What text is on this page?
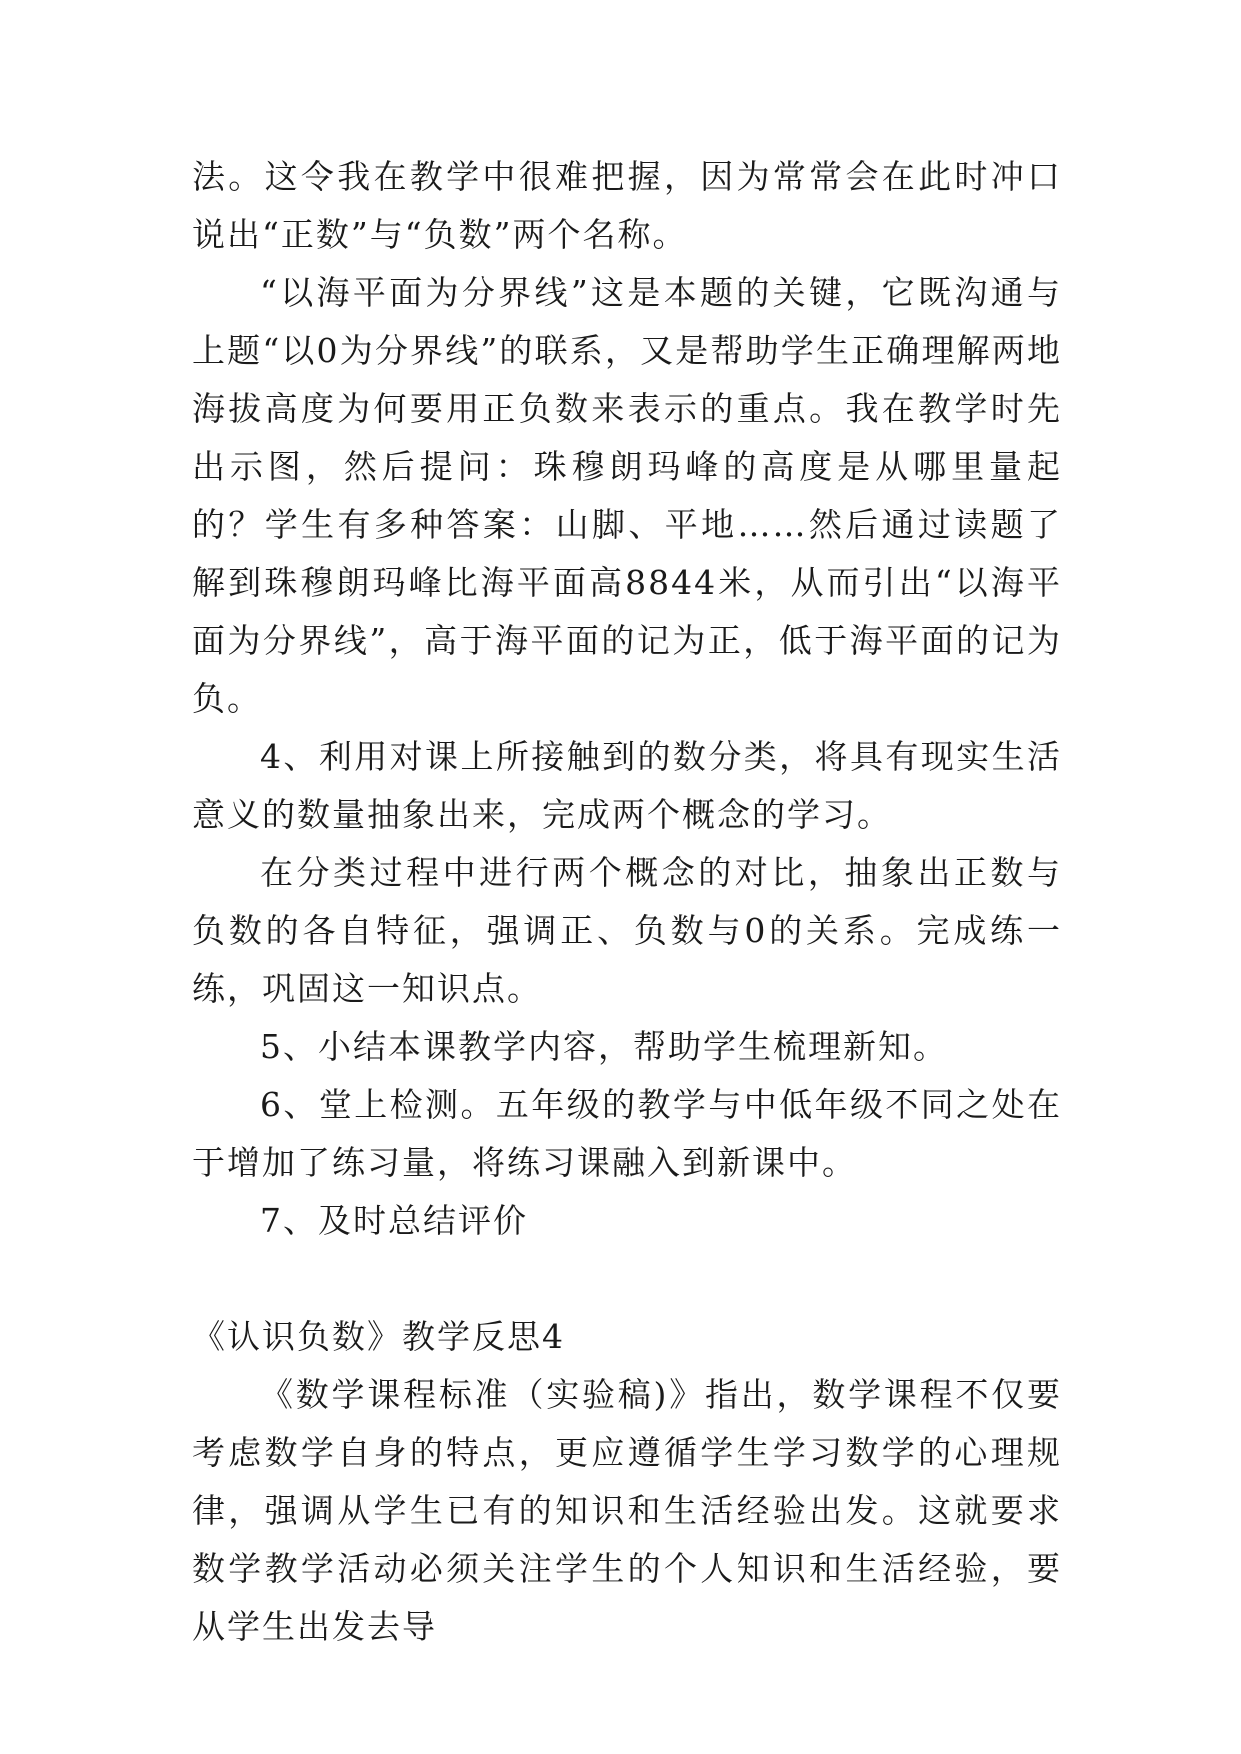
法。这令我在教学中很难把握，因为常常会在此时冲口说出“正数”与“负数”两个名称。

“以海平面为分界线”这是本题的关键，它既沟通与上题“以0为分界线”的联系，又是帮助学生正确理解两地海拔高度为何要用正负数来表示的重点。我在教学时先出示图，然后提问：珠穆朗玛峰的高度是从哪里量起的？学生有多种答案：山脚、平地……然后通过读题了解到珠穆朗玛峰比海平面高8844米，从而引出“以海平面为分界线”，高于海平面的记为正，低于海平面的记为负。

4、利用对课上所接触到的数分类，将具有现实生活意义的数量抽象出来，完成两个概念的学习。

在分类过程中进行两个概念的对比，抽象出正数与负数的各自特征，强调正、负数与0的关系。完成练一练，巩固这一知识点。

5、小结本课教学内容，帮助学生梳理新知。

6、堂上检测。五年级的教学与中低年级不同之处在于增加了练习量，将练习课融入到新课中。

7、及时总结评价

《认识负数》教学反思4

《数学课程标准（实验稿)》指出，数学课程不仅要考虑数学自身的特点，更应遵循学生学习数学的心理规律，强调从学生已有的知识和生活经验出发。这就要求数学教学活动必须关注学生的个人知识和生活经验，要从学生出发去导
